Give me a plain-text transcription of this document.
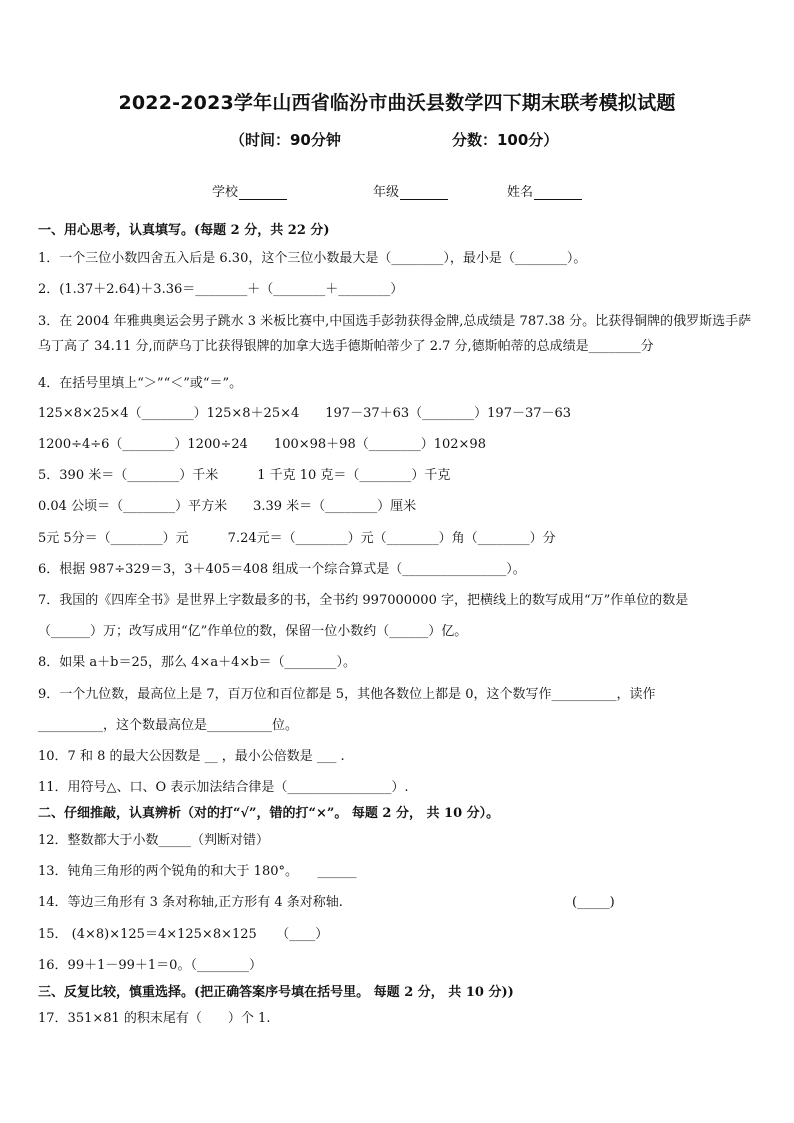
2022-2023学年山西省临汾市曲沃县数学四下期末联考模拟试题
（时间：90分钟	分数：100分）
学校	年级	姓名
一、用心思考，认真填写。(每题 2 分，共 22 分)
1．一个三位小数四舍五入后是 6.30，这个三位小数最大是（________），最小是（________）。
2．(1.37＋2.64)＋3.36＝________＋（________＋________）
3．在 2004 年雅典奥运会男子跳水 3 米板比赛中,中国选手彭勃获得金牌,总成绩是 787.38 分。比获得铜牌的俄罗斯选手萨乌丁高了 34.11 分,而萨乌丁比获得银牌的加拿大选手德斯帕蒂少了 2.7 分,德斯帕蒂的总成绩是________分
4．在括号里填上“＞”“＜”或“＝”。
125×8×25×4（________）125×8＋25×4　　197－37＋63（________）197－37－63
1200÷4÷6（________）1200÷24　　100×98＋98（________）102×98
5．390 米＝（________）千米　　　1 千克 10 克＝（________）千克
0.04 公顷＝（________）平方米　　3.39 米＝（________）厘米
5元 5分＝（________）元　　　7.24元＝（________）元（________）角（________）分
6．根据 987÷329＝3，3＋405＝408 组成一个综合算式是（________________）。
7．我国的《四库全书》是世界上字数最多的书，全书约 997000000 字，把横线上的数写成用“万”作单位的数是
（______）万；改写成用“亿”作单位的数，保留一位小数约（______）亿。
8．如果 a＋b＝25，那么 4×a＋4×b＝（________）。
9．一个九位数，最高位上是 7，百万位和百位都是 5，其他各数位上都是 0，这个数写作__________，读作
__________，这个数最高位是__________位。
10．7 和 8 的最大公因数是 __ ，最小公倍数是 ___ .
11．用符号△、口、O 表示加法结合律是（________________）.
二、仔细推敲，认真辨析（对的打“√”，错的打“×”。 每题 2 分， 共 10 分）。
12．整数都大于小数_____（判断对错）
13．钝角三角形的两个锐角的和大于 180°。　　______
14．等边三角形有 3 条对称轴,正方形有 4 条对称轴.	(_____)
15． (4×8)×125＝4×125×8×125　　（____）
16．99＋1－99＋1＝0。（________）
三、反复比较，慎重选择。(把正确答案序号填在括号里。 每题 2 分， 共 10 分))
17．351×81 的积末尾有（　　）个 1.
